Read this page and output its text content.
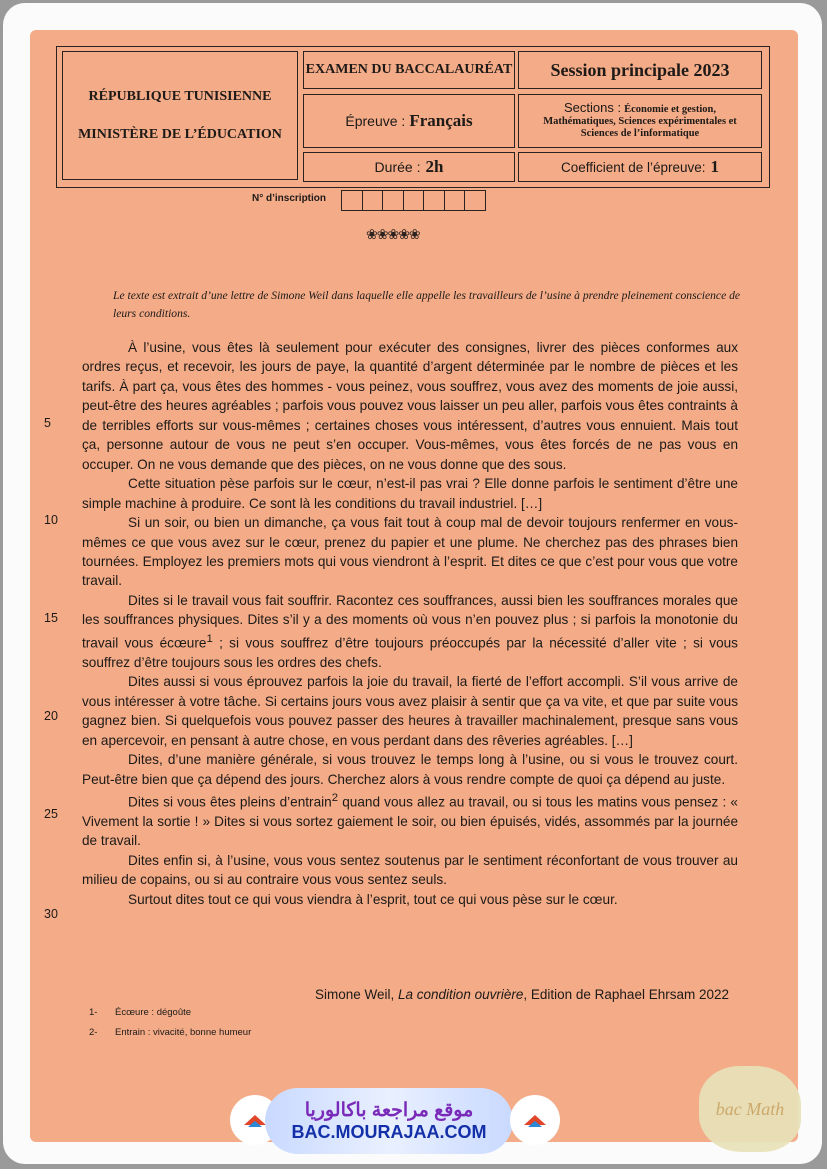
RÉPUBLIQUE TUNISIENNE
MINISTÈRE DE L’ÉDUCATION
EXAMEN DU BACCALAURÉAT	Session principale 2023
Épreuve : Français
Sections : Économie et gestion,
Mathématiques, Sciences expérimentales et
Sciences de l’informatique
Durée : 2h	Coefficient de l’épreuve: 1
N° d’inscription
❀❀❀❀❀
Le texte est extrait d’une lettre de Simone Weil dans laquelle elle appelle les travailleurs de l’usine à prendre pleinement conscience de leurs conditions.

À l’usine, vous êtes là seulement pour exécuter des consignes, livrer des pièces conformes aux ordres reçus, et recevoir, les jours de paye, la quantité d’argent déterminée par le nombre de pièces et les tarifs. À part ça, vous êtes des hommes - vous peinez, vous souffrez, vous avez des moments de joie aussi, peut-être des heures agréables ; parfois vous pouvez vous laisser un peu aller, parfois vous êtes contraints à de terribles efforts sur vous-mêmes ; certaines choses vous intéressent, d’autres vous ennuient. Mais tout ça, personne autour de vous ne peut s’en occuper. Vous-mêmes, vous êtes forcés de ne pas vous en occuper. On ne vous demande que des pièces, on ne vous donne que des sous.

Cette situation pèse parfois sur le cœur, n’est-il pas vrai ? Elle donne parfois le sentiment d’être une simple machine à produire. Ce sont là les conditions du travail industriel. […]

Si un soir, ou bien un dimanche, ça vous fait tout à coup mal de devoir toujours renfermer en vous-mêmes ce que vous avez sur le cœur, prenez du papier et une plume. Ne cherchez pas des phrases bien tournées. Employez les premiers mots qui vous viendront à l’esprit. Et dites ce que c’est pour vous que votre travail.

Dites si le travail vous fait souffrir. Racontez ces souffrances, aussi bien les souffrances morales que les souffrances physiques. Dites s’il y a des moments où vous n’en pouvez plus ; si parfois la monotonie du travail vous écœure$^1$ ; si vous souffrez d’être toujours préoccupés par la nécessité d’aller vite ; si vous souffrez d’être toujours sous les ordres des chefs.

Dites aussi si vous éprouvez parfois la joie du travail, la fierté de l’effort accompli. S’il vous arrive de vous intéresser à votre tâche. Si certains jours vous avez plaisir à sentir que ça va vite, et que par suite vous gagnez bien. Si quelquefois vous pouvez passer des heures à travailler machinalement, presque sans vous en apercevoir, en pensant à autre chose, en vous perdant dans des rêveries agréables. […]

Dites, d’une manière générale, si vous trouvez le temps long à l’usine, ou si vous le trouvez court. Peut-être bien que ça dépend des jours. Cherchez alors à vous rendre compte de quoi ça dépend au juste.

Dites si vous êtes pleins d’entrain$^2$ quand vous allez au travail, ou si tous les matins vous pensez : « Vivement la sortie ! » Dites si vous sortez gaiement le soir, ou bien épuisés, vidés, assommés par la journée de travail.

Dites enfin si, à l’usine, vous vous sentez soutenus par le sentiment réconfortant de vous trouver au milieu de copains, ou si au contraire vous vous sentez seuls.

Surtout dites tout ce qui vous viendra à l’esprit, tout ce qui vous pèse sur le cœur.

5
10
15
20
25
30
Simone Weil, La condition ouvrière, Edition de Raphael Ehrsam 2022
1- Écœure : dégoûte
2- Entrain : vivacité, bonne humeur
موقع مراجعة باكالوريا
BAC.MOURAJAA.COM
bac Math
